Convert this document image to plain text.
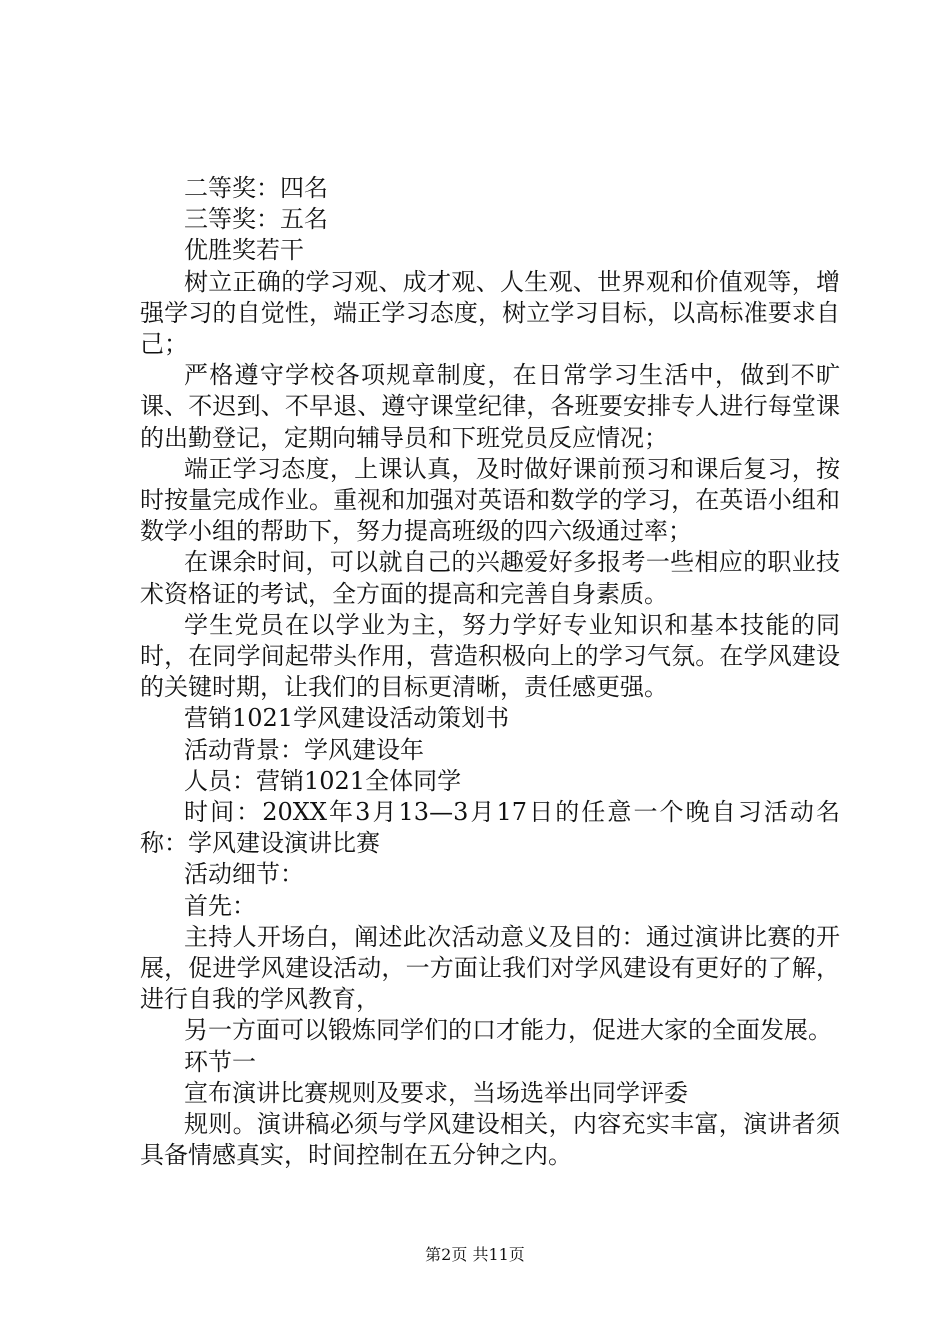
二等奖：四名

三等奖：五名

优胜奖若干

树立正确的学习观、成才观、人生观、世界观和价值观等，增强学习的自觉性，端正学习态度，树立学习目标，以高标准要求自己；

严格遵守学校各项规章制度，在日常学习生活中，做到不旷课、不迟到、不早退、遵守课堂纪律，各班要安排专人进行每堂课的出勤登记，定期向辅导员和下班党员反应情况；

端正学习态度，上课认真，及时做好课前预习和课后复习，按时按量完成作业。重视和加强对英语和数学的学习，在英语小组和数学小组的帮助下，努力提高班级的四六级通过率；

在课余时间，可以就自己的兴趣爱好多报考一些相应的职业技术资格证的考试，全方面的提高和完善自身素质。

学生党员在以学业为主，努力学好专业知识和基本技能的同时，在同学间起带头作用，营造积极向上的学习气氛。在学风建设的关键时期，让我们的目标更清晰，责任感更强。

营销1021学风建设活动策划书

活动背景：学风建设年

人员：营销1021全体同学

时间：20XX年3月13—3月17日的任意一个晚自习活动名称：学风建设演讲比赛

活动细节：

首先：

主持人开场白，阐述此次活动意义及目的：通过演讲比赛的开展，促进学风建设活动，一方面让我们对学风建设有更好的了解，进行自我的学风教育，

另一方面可以锻炼同学们的口才能力，促进大家的全面发展。

环节一

宣布演讲比赛规则及要求，当场选举出同学评委

规则。演讲稿必须与学风建设相关，内容充实丰富，演讲者须具备情感真实，时间控制在五分钟之内。

第2页 共11页
